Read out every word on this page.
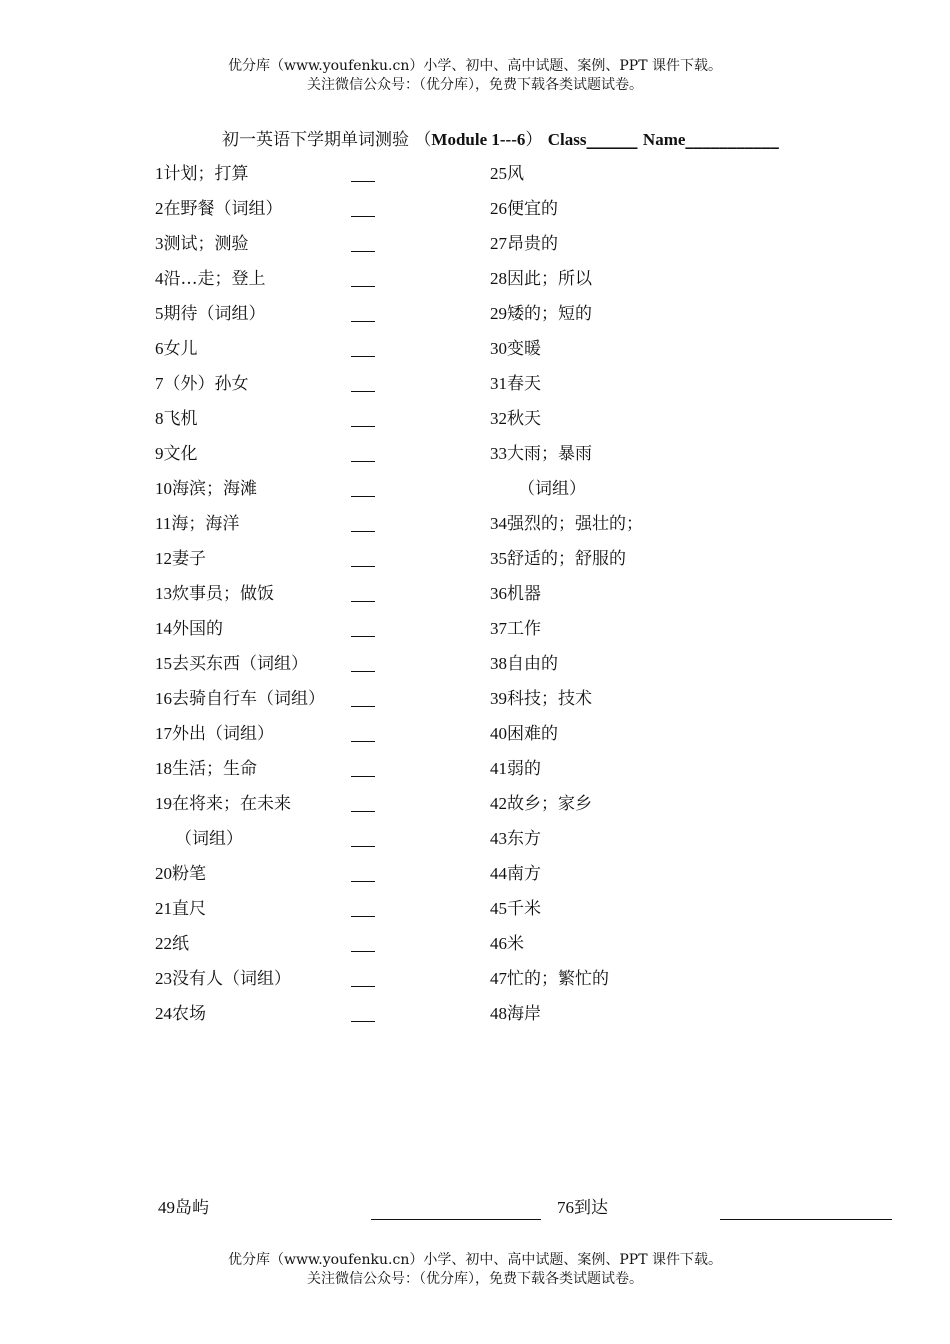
优分库（www.youfenku.cn）小学、初中、高中试题、案例、PPT 课件下载。
关注微信公众号：（优分库），免费下载各类试题试卷。
初一英语下学期单词测验 （Module 1---6） Class______ Name___________
1计划；打算
2在野餐（词组）
3测试；测验
4沿…走；登上
5期待（词组）
6女儿
7（外）孙女
8飞机
9文化
10海滨；海滩
11海；海洋
12妻子
13炊事员；做饭
14外国的
15去买东西（词组）
16去骑自行车（词组）
17外出（词组）
18生活；生命
19在将来；在未来
（词组）
20粉笔
21直尺
22纸
23没有人（词组）
24农场
25风
26便宜的
27昂贵的
28因此；所以
29矮的；短的
30变暖
31春天
32秋天
33大雨；暴雨
（词组）
34强烈的；强壮的；
35舒适的；舒服的
36机器
37工作
38自由的
39科技；技术
40困难的
41弱的
42故乡；家乡
43东方
44南方
45千米
46米
47忙的；繁忙的
48海岸
49岛屿	76到达
优分库（www.youfenku.cn）小学、初中、高中试题、案例、PPT 课件下载。
关注微信公众号：（优分库），免费下载各类试题试卷。
